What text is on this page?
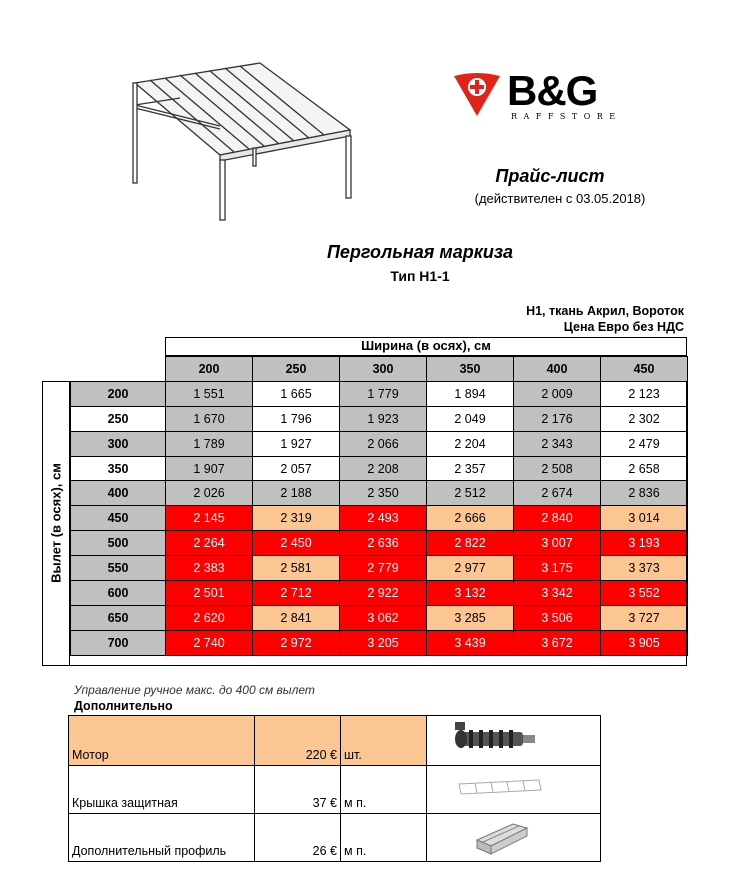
B&G
RAFFSTORE
Прайс-лист
(действителен с 03.05.2018)
Пергольная маркиза
Тип Н1-1
Н1, ткань Акрил, Вороток
Цена Евро без НДС
Ширина (в осях), см
Вылет (в осях), см
	200	250	300	350	400	450
200	1 551	1 665	1 779	1 894	2 009	2 123
250	1 670	1 796	1 923	2 049	2 176	2 302
300	1 789	1 927	2 066	2 204	2 343	2 479
350	1 907	2 057	2 208	2 357	2 508	2 658
400	2 026	2 188	2 350	2 512	2 674	2 836
450	2 145	2 319	2 493	2 666	2 840	3 014
500	2 264	2 450	2 636	2 822	3 007	3 193
550	2 383	2 581	2 779	2 977	3 175	3 373
600	2 501	2 712	2 922	3 132	3 342	3 552
650	2 620	2 841	3 062	3 285	3 506	3 727
700	2 740	2 972	3 205	3 439	3 672	3 905
Управление ручное макс. до 400 см вылет
Дополнительно
Мотор	220 €	шт.	

Крышка защитная	37 €	м п.	

Дополнительный профиль	26 €	м п.	
